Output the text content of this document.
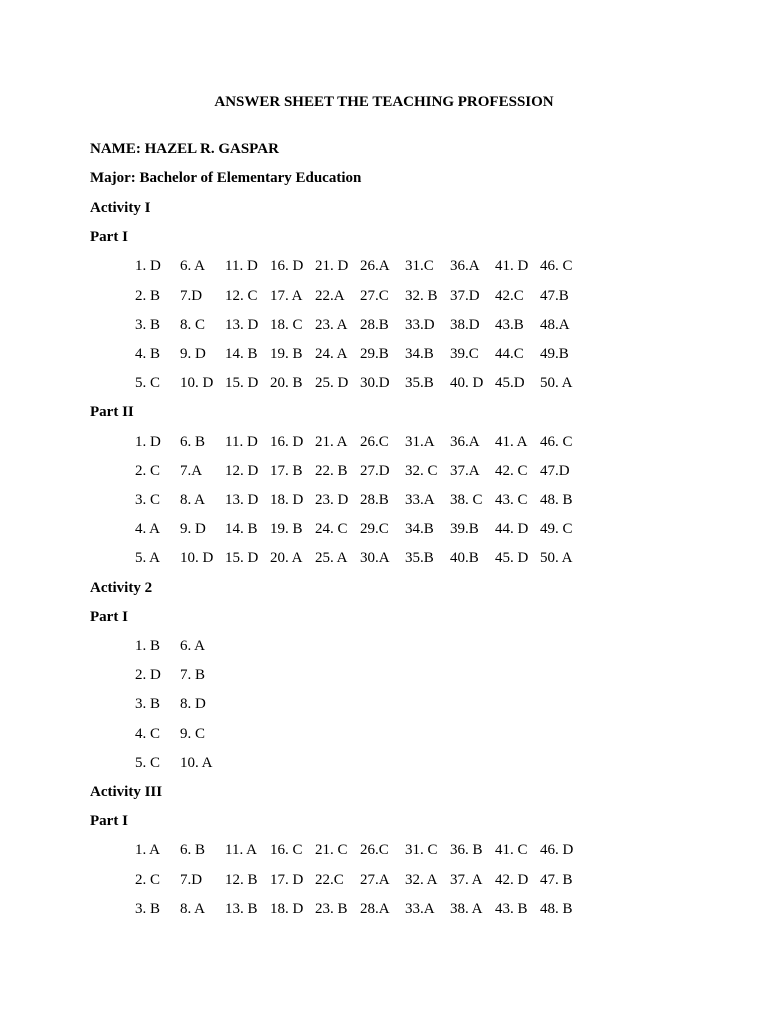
ANSWER SHEET THE TEACHING PROFESSION
NAME: HAZEL R. GASPAR
Major: Bachelor of Elementary Education
Activity I
Part I
1. D 6. A 11. D 16. D 21. D 26.A 31.C 36.A 41. D 46. C
2. B 7.D 12. C 17. A 22.A 27.C 32. B 37.D 42.C 47.B
3. B 8. C 13. D 18. C 23. A 28.B 33.D 38.D 43.B 48.A
4. B 9. D 14. B 19. B 24. A 29.B 34.B 39.C 44.C 49.B
5. C 10. D 15. D 20. B 25. D 30.D 35.B 40. D 45.D 50. A
Part II
1. D 6. B 11. D 16. D 21. A 26.C 31.A 36.A 41. A 46. C
2. C 7.A 12. D 17. B 22. B 27.D 32. C 37.A 42. C 47.D
3. C 8. A 13. D 18. D 23. D 28.B 33.A 38. C 43. C 48. B
4. A 9. D 14. B 19. B 24. C 29.C 34.B 39.B 44. D 49. C
5. A 10. D 15. D 20. A 25. A 30.A 35.B 40.B 45. D 50. A
Activity 2
Part I
1. B 6. A
2. D 7. B
3. B 8. D
4. C 9. C
5. C 10. A
Activity III
Part I
1. A 6. B 11. A 16. C 21. C 26.C 31. C 36. B 41. C 46. D
2. C 7.D 12. B 17. D 22.C 27.A 32. A 37. A 42. D 47. B
3. B 8. A 13. B 18. D 23. B 28.A 33.A 38. A 43. B 48. B
